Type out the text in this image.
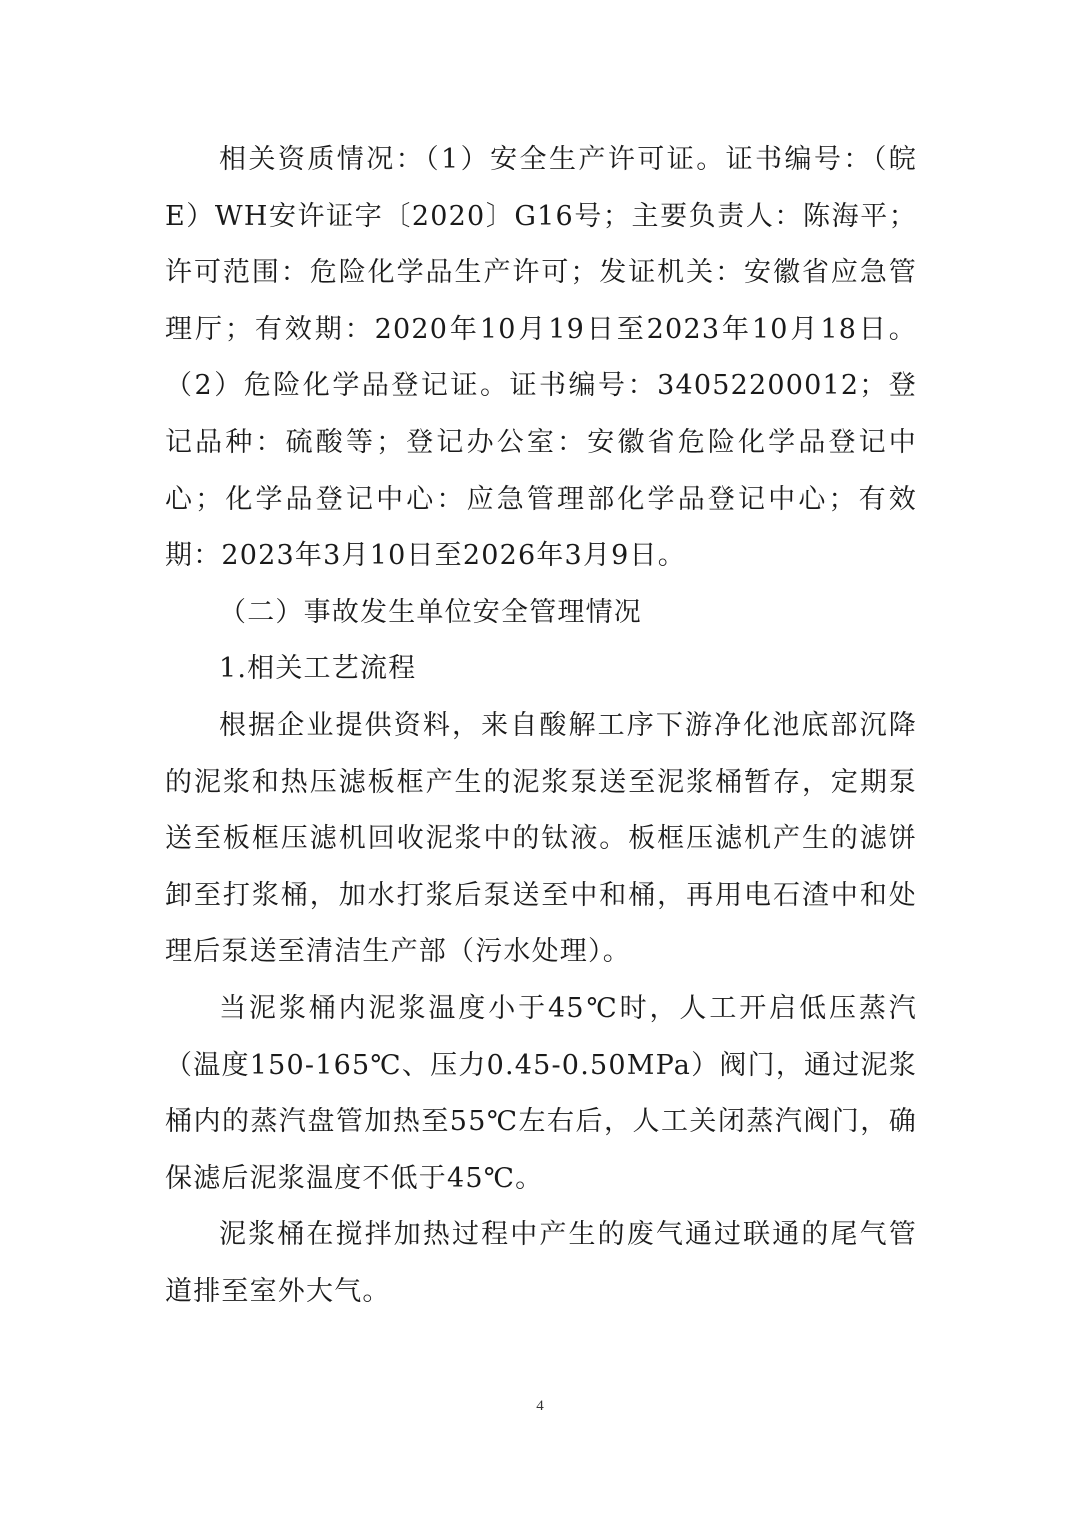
相关资质情况：（1）安全生产许可证。证书编号：（皖E）WH安许证字〔2020〕G16号；主要负责人：陈海平；许可范围：危险化学品生产许可；发证机关：安徽省应急管理厅；有效期：2020年10月19日至2023年10月18日。（2）危险化学品登记证。证书编号：34052200012；登记品种：硫酸等；登记办公室：安徽省危险化学品登记中心；化学品登记中心：应急管理部化学品登记中心；有效期：2023年3月10日至2026年3月9日。

（二）事故发生单位安全管理情况

1.相关工艺流程

根据企业提供资料，来自酸解工序下游净化池底部沉降的泥浆和热压滤板框产生的泥浆泵送至泥浆桶暂存，定期泵送至板框压滤机回收泥浆中的钛液。板框压滤机产生的滤饼卸至打浆桶，加水打浆后泵送至中和桶，再用电石渣中和处理后泵送至清洁生产部（污水处理）。

当泥浆桶内泥浆温度小于45℃时，人工开启低压蒸汽（温度150-165℃、压力0.45-0.50MPa）阀门，通过泥浆桶内的蒸汽盘管加热至55℃左右后，人工关闭蒸汽阀门，确保滤后泥浆温度不低于45℃。

泥浆桶在搅拌加热过程中产生的废气通过联通的尾气管道排至室外大气。

4
